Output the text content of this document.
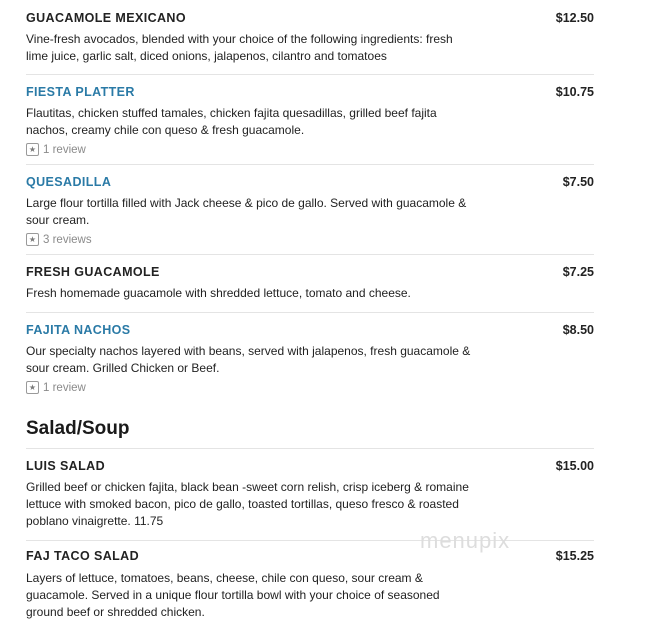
GUACAMOLE MEXICANO	$12.50
Vine-fresh avocados, blended with your choice of the following ingredients: fresh lime juice, garlic salt, diced onions, jalapenos, cilantro and tomatoes
FIESTA PLATTER	$10.75
Flautitas, chicken stuffed tamales, chicken fajita quesadillas, grilled beef fajita nachos, creamy chile con queso & fresh guacamole.
★ 1 review
QUESADILLA	$7.50
Large flour tortilla filled with Jack cheese & pico de gallo. Served with guacamole & sour cream.
★ 3 reviews
FRESH GUACAMOLE	$7.25
Fresh homemade guacamole with shredded lettuce, tomato and cheese.
FAJITA NACHOS	$8.50
Our specialty nachos layered with beans, served with jalapenos, fresh guacamole & sour cream. Grilled Chicken or Beef.
★ 1 review
Salad/Soup
LUIS SALAD	$15.00
Grilled beef or chicken fajita, black bean -sweet corn relish, crisp iceberg & romaine lettuce with smoked bacon, pico de gallo, toasted tortillas, queso fresco & roasted poblano vinaigrette. 11.75
FAJ TACO SALAD	$15.25
Layers of lettuce, tomatoes, beans, cheese, chile con queso, sour cream & guacamole. Served in a unique flour tortilla bowl with your choice of seasoned ground beef or shredded chicken.
menupix
